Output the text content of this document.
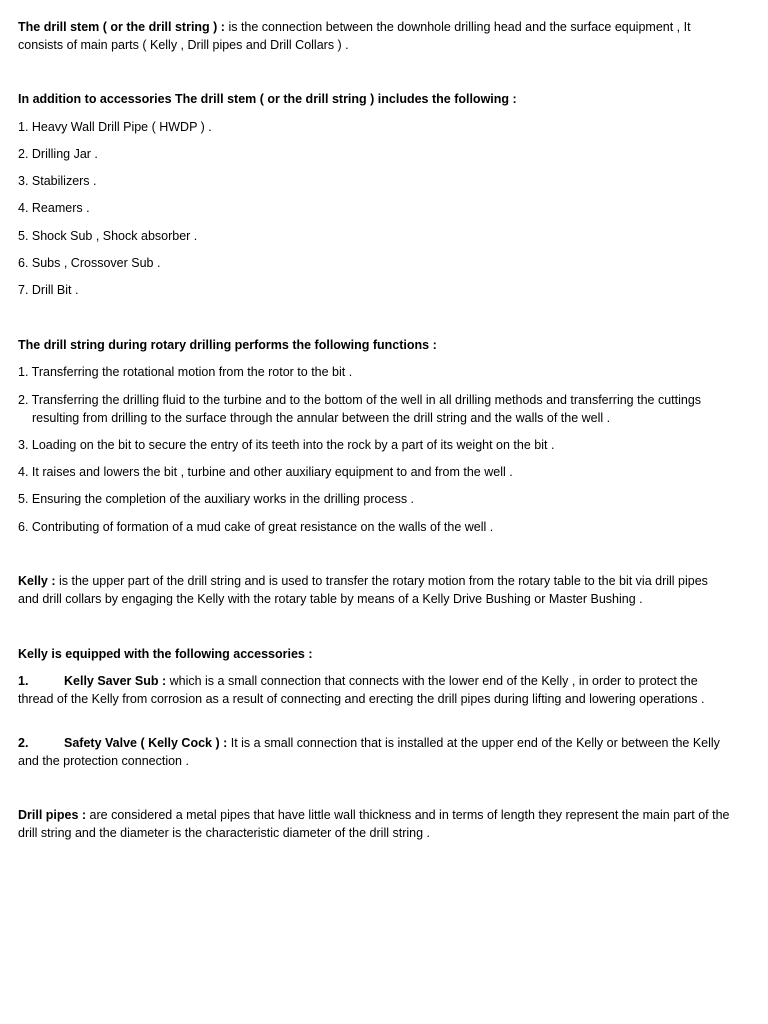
The drill stem ( or the drill string ) : is the connection between the downhole drilling head and the surface equipment , It consists of main parts ( Kelly , Drill pipes and Drill Collars ) .

In addition to accessories The drill stem ( or the drill string ) includes the following :

1. Heavy Wall Drill Pipe ( HWDP ) .

2. Drilling Jar .

3. Stabilizers .

4. Reamers .

5. Shock Sub , Shock absorber .

6. Subs , Crossover Sub .

7. Drill Bit .

The drill string during rotary drilling performs the following functions :

1. Transferring the rotational motion from the rotor to the bit .

2. Transferring the drilling fluid to the turbine and to the bottom of the well in all drilling methods and transferring the cuttings resulting from drilling to the surface through the annular between the drill string and the walls of the well .

3. Loading on the bit to secure the entry of its teeth into the rock by a part of its weight on the bit .

4. It raises and lowers the bit , turbine and other auxiliary equipment to and from the well .

5. Ensuring the completion of the auxiliary works in the drilling process .

6. Contributing of formation of a mud cake of great resistance on the walls of the well .

Kelly : is the upper part of the drill string and is used to transfer the rotary motion from the rotary table to the bit via drill pipes and drill collars by engaging the Kelly with the rotary table by means of a Kelly Drive Bushing or Master Bushing .

Kelly is equipped with the following accessories :

1.	Kelly Saver Sub : which is a small connection that connects with the lower end of the Kelly , in order to protect the thread of the Kelly from corrosion as a result of connecting and erecting the drill pipes during lifting and lowering operations .

2.	Safety Valve ( Kelly Cock ) : It is a small connection that is installed at the upper end of the Kelly or between the Kelly and the protection connection .

Drill pipes : are considered a metal pipes that have little wall thickness and in terms of length they represent the main part of the drill string and the diameter is the characteristic diameter of the drill string .
